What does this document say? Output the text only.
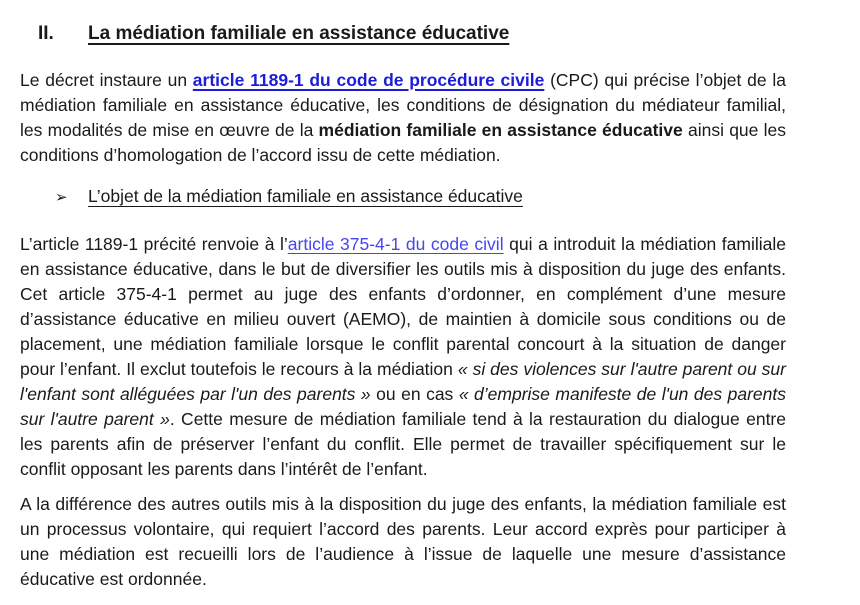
II. La médiation familiale en assistance éducative

Le décret instaure un article 1189-1 du code de procédure civile (CPC) qui précise l’objet de la médiation familiale en assistance éducative, les conditions de désignation du médiateur familial, les modalités de mise en œuvre de la médiation familiale en assistance éducative ainsi que les conditions d’homologation de l’accord issu de cette médiation.

➢ L’objet de la médiation familiale en assistance éducative

L’article 1189-1 précité renvoie à l’article 375-4-1 du code civil qui a introduit la médiation familiale en assistance éducative, dans le but de diversifier les outils mis à disposition du juge des enfants. Cet article 375-4-1 permet au juge des enfants d’ordonner, en complément d’une mesure d’assistance éducative en milieu ouvert (AEMO), de maintien à domicile sous conditions ou de placement, une médiation familiale lorsque le conflit parental concourt à la situation de danger pour l’enfant. Il exclut toutefois le recours à la médiation « si des violences sur l'autre parent ou sur l'enfant sont alléguées par l'un des parents » ou en cas « d’emprise manifeste de l'un des parents sur l'autre parent ». Cette mesure de médiation familiale tend à la restauration du dialogue entre les parents afin de préserver l’enfant du conflit. Elle permet de travailler spécifiquement sur le conflit opposant les parents dans l’intérêt de l’enfant.

A la différence des autres outils mis à la disposition du juge des enfants, la médiation familiale est un processus volontaire, qui requiert l’accord des parents. Leur accord exprès pour participer à une médiation est recueilli lors de l’audience à l’issue de laquelle une mesure d’assistance éducative est ordonnée.
